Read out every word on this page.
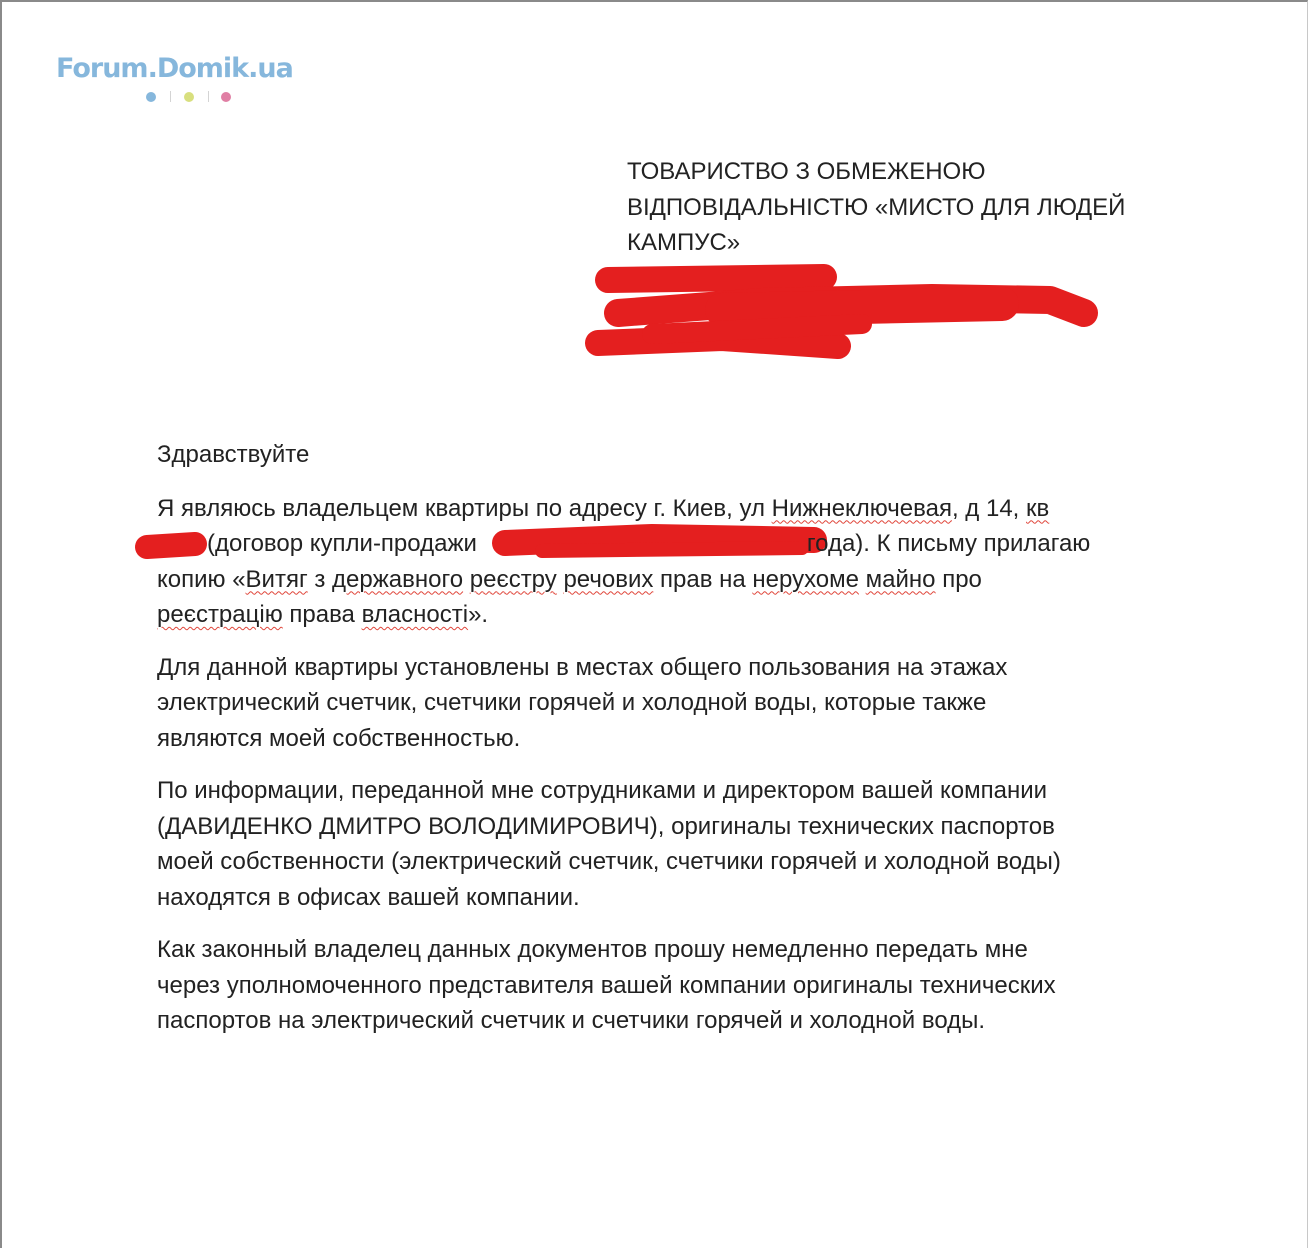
Forum.Domik.ua
ТОВАРИСТВО З ОБМЕЖЕНОЮ
ВІДПОВІДАЛЬНІСТЮ «МИСТО ДЛЯ ЛЮДЕЙ
КАМПУС»

Здравствуйте

Я являюсь владельцем квартиры по адресу г. Киев, ул Нижнеключевая, д 14, кв
(договор купли-продажи	года). К письму прилагаю
копию «Витяг з державного реєстру речових прав на нерухоме майно про
реєстрацію права власності».

Для данной квартиры установлены в местах общего пользования на этажах
электрический счетчик, счетчики горячей и холодной воды, которые также
являются моей собственностью.

По информации, переданной мне сотрудниками и директором вашей компании
(ДАВИДЕНКО ДМИТРО ВОЛОДИМИРОВИЧ), оригиналы технических паспортов
моей собственности (электрический счетчик, счетчики горячей и холодной воды)
находятся в офисах вашей компании.

Как законный владелец данных документов прошу немедленно передать мне
через уполномоченного представителя вашей компании оригиналы технических
паспортов на электрический счетчик и счетчики горячей и холодной воды.
